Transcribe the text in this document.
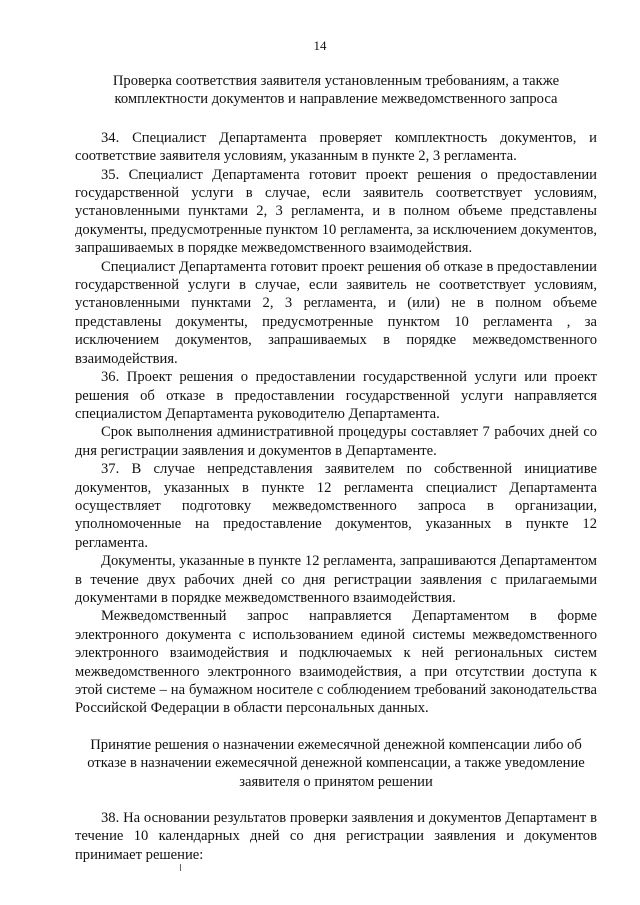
14
Проверка соответствия заявителя установленным требованиям, а также комплектности документов и направление межведомственного запроса

34. Специалист Департамента проверяет комплектность документов, и соответствие заявителя условиям, указанным в пункте 2, 3 регламента.

35. Специалист Департамента готовит проект решения о предоставлении государственной услуги в случае, если заявитель соответствует условиям, установленными пунктами 2, 3 регламента, и в полном объеме представлены документы, предусмотренные пунктом 10 регламента, за исключением документов, запрашиваемых в порядке межведомственного взаимодействия.

Специалист Департамента готовит проект решения об отказе в предоставлении государственной услуги в случае, если заявитель не соответствует условиям, установленными пунктами 2, 3 регламента, и (или) не в полном объеме представлены документы, предусмотренные пунктом 10 регламента , за исключением документов, запрашиваемых в порядке межведомственного взаимодействия.

36. Проект решения о предоставлении государственной услуги или проект решения об отказе в предоставлении государственной услуги направляется специалистом Департамента руководителю Департамента.

Срок выполнения административной процедуры составляет 7 рабочих дней со дня регистрации заявления и документов в Департаменте.

37. В случае непредставления заявителем по собственной инициативе документов, указанных в пункте 12 регламента специалист Департамента осуществляет подготовку межведомственного запроса в организации, уполномоченные на предоставление документов, указанных в пункте 12 регламента.

Документы, указанные в пункте 12 регламента, запрашиваются Департаментом в течение двух рабочих дней со дня регистрации заявления с прилагаемыми документами в порядке межведомственного взаимодействия.

Межведомственный запрос направляется Департаментом в форме электронного документа с использованием единой системы межведомственного электронного взаимодействия и подключаемых к ней региональных систем межведомственного электронного взаимодействия, а при отсутствии доступа к этой системе – на бумажном носителе с соблюдением требований законодательства Российской Федерации в области персональных данных.

Принятие решения о назначении ежемесячной денежной компенсации либо об отказе в назначении ежемесячной денежной компенсации, а также уведомление заявителя о принятом решении

38. На основании результатов проверки заявления и документов Департамент в течение 10 календарных дней со дня регистрации заявления и документов принимает решение:
